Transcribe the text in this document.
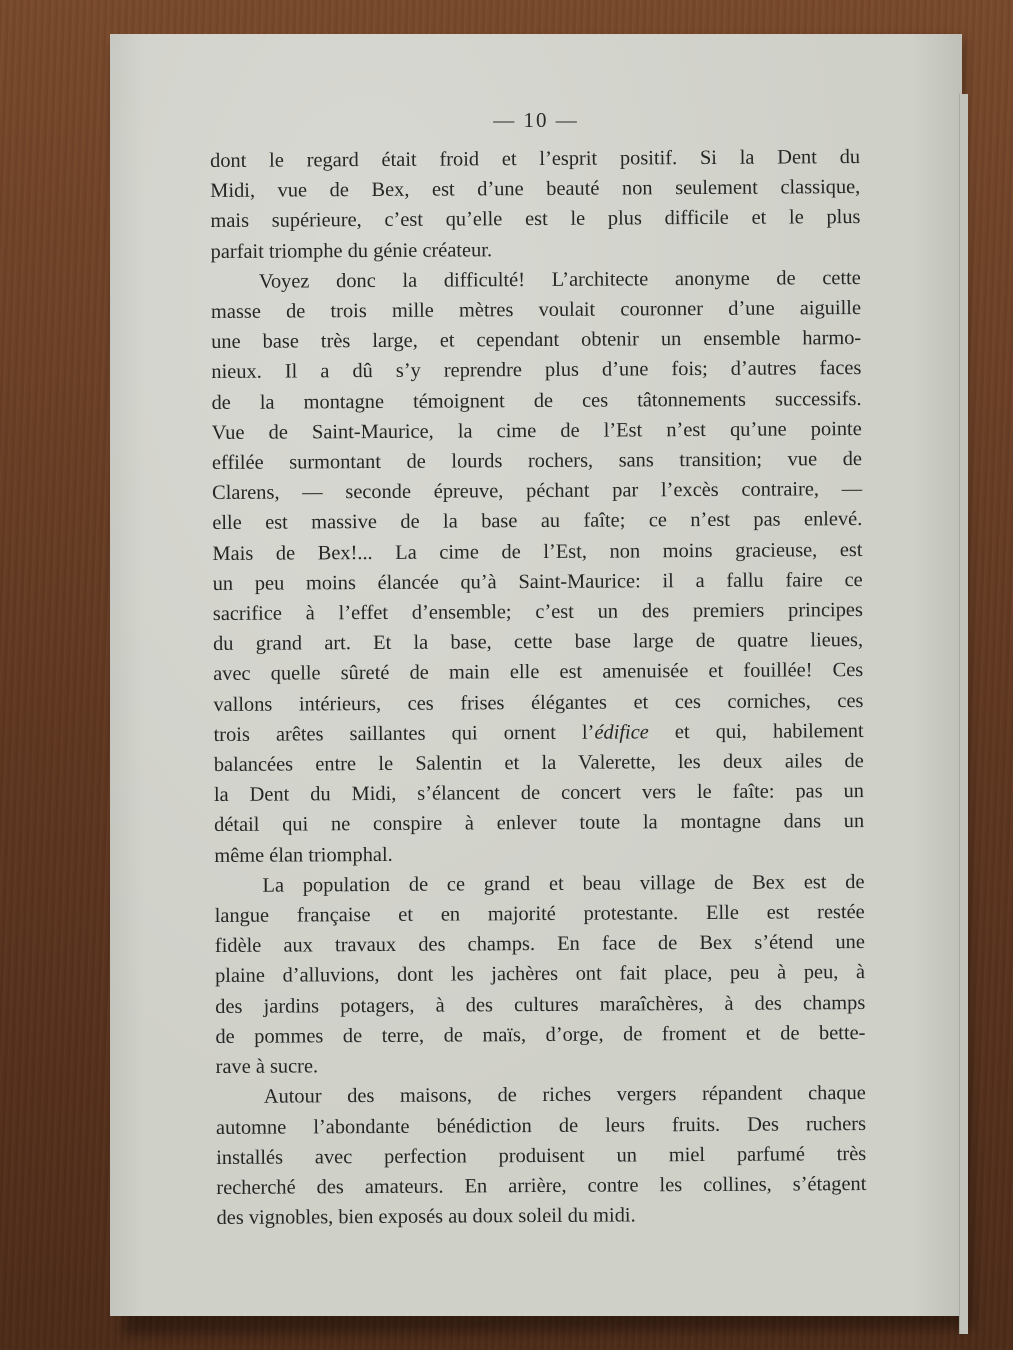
— 10 —

dont le regard était froid et l’esprit positif. Si la Dent du
Midi, vue de Bex, est d’une beauté non seulement classique,
mais supérieure, c’est qu’elle est le plus difficile et le plus
parfait triomphe du génie créateur.

Voyez donc la difficulté! L’architecte anonyme de cette
masse de trois mille mètres voulait couronner d’une aiguille
une base très large, et cependant obtenir un ensemble harmo-
nieux. Il a dû s’y reprendre plus d’une fois; d’autres faces
de la montagne témoignent de ces tâtonnements successifs.
Vue de Saint-Maurice, la cime de l’Est n’est qu’une pointe
effilée surmontant de lourds rochers, sans transition; vue de
Clarens, — seconde épreuve, péchant par l’excès contraire, —
elle est massive de la base au faîte; ce n’est pas enlevé.
Mais de Bex!... La cime de l’Est, non moins gracieuse, est
un peu moins élancée qu’à Saint-Maurice: il a fallu faire ce
sacrifice à l’effet d’ensemble; c’est un des premiers principes
du grand art. Et la base, cette base large de quatre lieues,
avec quelle sûreté de main elle est amenuisée et fouillée! Ces
vallons intérieurs, ces frises élégantes et ces corniches, ces
trois arêtes saillantes qui ornent l’édifice et qui, habilement
balancées entre le Salentin et la Valerette, les deux ailes de
la Dent du Midi, s’élancent de concert vers le faîte: pas un
détail qui ne conspire à enlever toute la montagne dans un
même élan triomphal.

La population de ce grand et beau village de Bex est de
langue française et en majorité protestante. Elle est restée
fidèle aux travaux des champs. En face de Bex s’étend une
plaine d’alluvions, dont les jachères ont fait place, peu à peu, à
des jardins potagers, à des cultures maraîchères, à des champs
de pommes de terre, de maïs, d’orge, de froment et de bette-
rave à sucre.

Autour des maisons, de riches vergers répandent chaque
automne l’abondante bénédiction de leurs fruits. Des ruchers
installés avec perfection produisent un miel parfumé très
recherché des amateurs. En arrière, contre les collines, s’étagent
des vignobles, bien exposés au doux soleil du midi.
